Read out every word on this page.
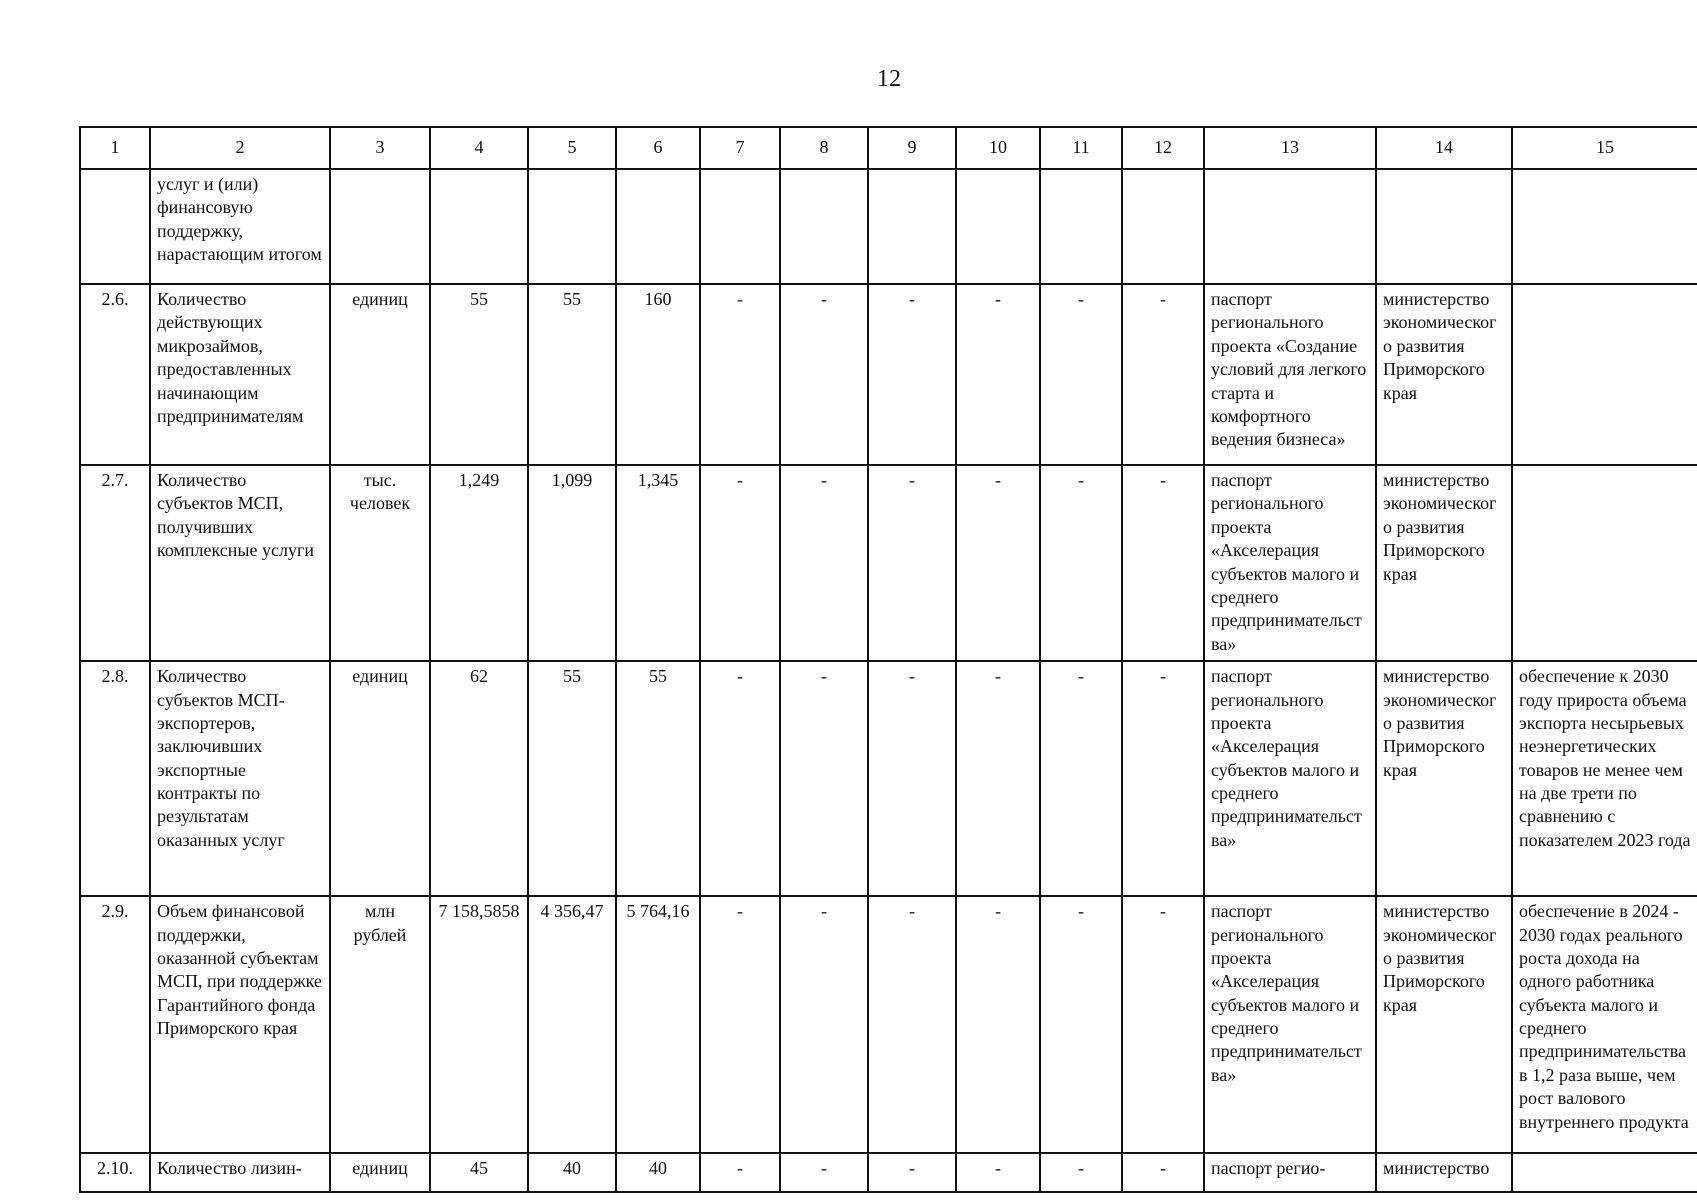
12
1	2	3	4	5	6	7	8	9	10	11	12	13	14	15
	услуг и (или) финансовую поддержку, нарастающим итогом													
2.6.	Количество действующих микрозаймов, предоставленных начинающим предпринимателям	единиц	55	55	160	-	-	-	-	-	-	паспорт регионального проекта «Создание условий для легкого старта и комфортного ведения бизнеса»	министерство экономического развития Приморского края	
2.7.	Количество субъектов МСП, получивших комплексные услуги	тыс. человек	1,249	1,099	1,345	-	-	-	-	-	-	паспорт регионального проекта «Акселерация субъектов малого и среднего предпринимательства»	министерство экономического развития Приморского края	
2.8.	Количество субъектов МСП-экспортеров, заключивших экспортные контракты по результатам оказанных услуг	единиц	62	55	55	-	-	-	-	-	-	паспорт регионального проекта «Акселерация субъектов малого и среднего предпринимательства»	министерство экономического развития Приморского края	обеспечение к 2030 году прироста объема экспорта несырьевых неэнергетических товаров не менее чем на две трети по сравнению с показателем 2023 года
2.9.	Объем финансовой поддержки, оказанной субъектам МСП, при поддержке Гарантийного фонда Приморского края	млн рублей	7 158,5858	4 356,47	5 764,16	-	-	-	-	-	-	паспорт регионального проекта «Акселерация субъектов малого и среднего предпринимательства»	министерство экономического развития Приморского края	обеспечение в 2024 - 2030 годах реального роста дохода на одного работника субъекта малого и среднего предпринимательства в 1,2 раза выше, чем рост валового внутреннего продукта
2.10.	Количество лизин-	единиц	45	40	40	-	-	-	-	-	-	паспорт регио-	министерство	
